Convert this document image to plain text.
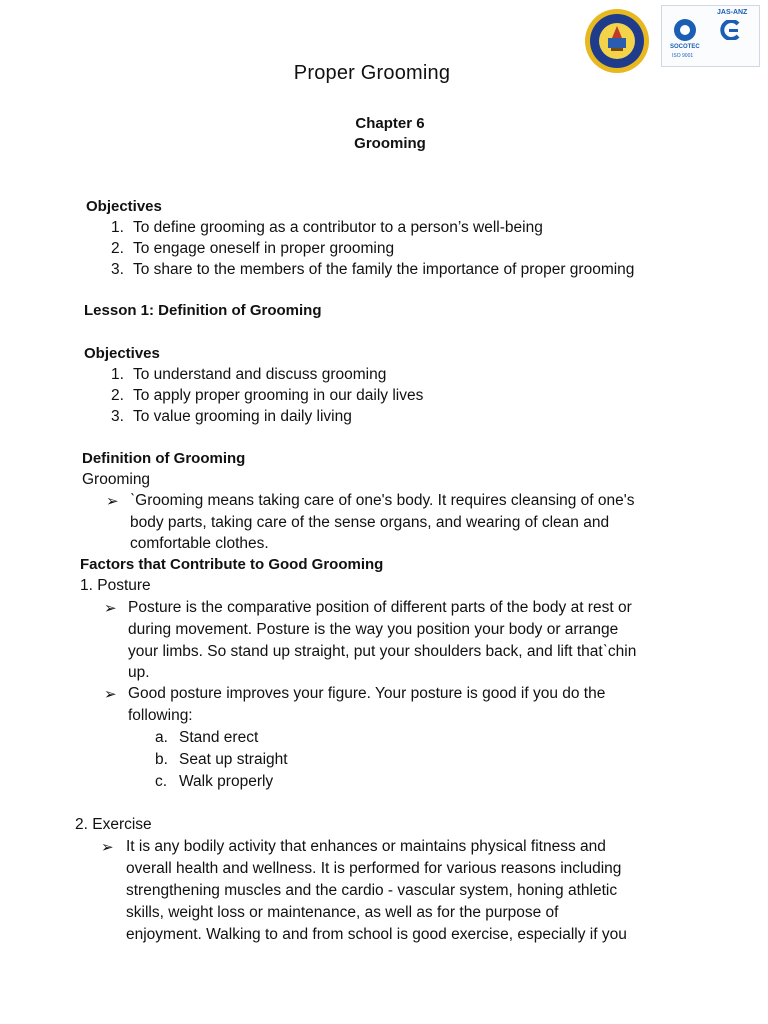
JAS-ANZ
SOCOTEC
ISO 9001
Proper Grooming
Chapter 6
Grooming
Objectives
1. To define grooming as a contributor to a person’s well-being
2. To engage oneself in proper grooming
3. To share to the members of the family the importance of proper grooming
Lesson 1: Definition of Grooming
Objectives
1. To understand and discuss grooming
2. To apply proper grooming in our daily lives
3. To value grooming in daily living
Definition of Grooming
Grooming
➢ ˋGrooming means taking care of one's body. It requires cleansing of one's
body parts, taking care of the sense organs, and wearing of clean and
comfortable clothes.
Factors that Contribute to Good Grooming
1. Posture
➢ Posture is the comparative position of different parts of the body at rest or
during movement. Posture is the way you position your body or arrange
your limbs. So stand up straight, put your shoulders back, and lift thatˋchin
up.
➢ Good posture improves your figure. Your posture is good if you do the
following:
a. Stand erect
b. Seat up straight
c. Walk properly
2. Exercise
➢ It is any bodily activity that enhances or maintains physical fitness and
overall health and wellness. It is performed for various reasons including
strengthening muscles and the cardio - vascular system, honing athletic
skills, weight loss or maintenance, as well as for the purpose of
enjoyment. Walking to and from school is good exercise, especially if you
